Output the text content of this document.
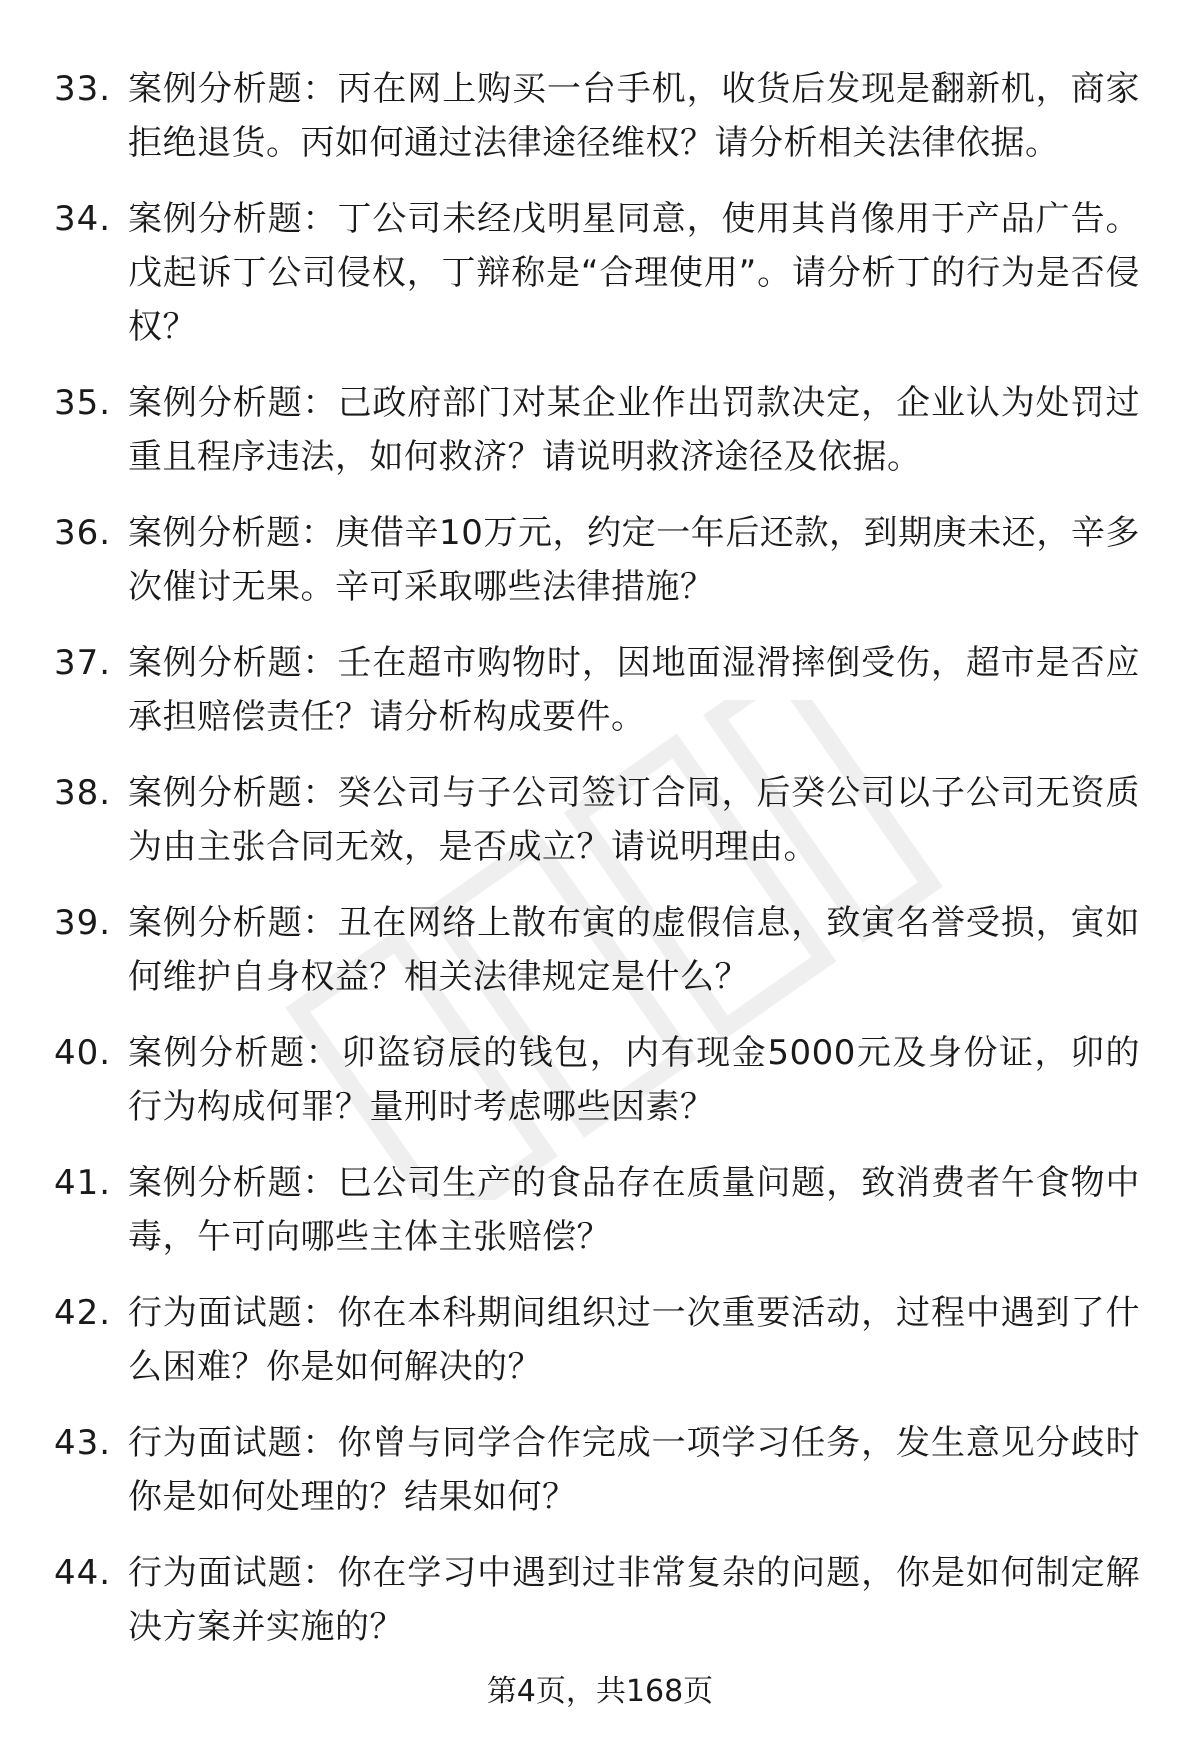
33. 案例分析题：丙在网上购买一台手机，收货后发现是翻新机，商家拒绝退货。丙如何通过法律途径维权？请分析相关法律依据。
34. 案例分析题：丁公司未经戊明星同意，使用其肖像用于产品广告。戊起诉丁公司侵权，丁辩称是“合理使用”。请分析丁的行为是否侵权？
35. 案例分析题：己政府部门对某企业作出罚款决定，企业认为处罚过重且程序违法，如何救济？请说明救济途径及依据。
36. 案例分析题：庚借辛10万元，约定一年后还款，到期庚未还，辛多次催讨无果。辛可采取哪些法律措施？
37. 案例分析题：壬在超市购物时，因地面湿滑摔倒受伤，超市是否应承担赔偿责任？请分析构成要件。
38. 案例分析题：癸公司与子公司签订合同，后癸公司以子公司无资质为由主张合同无效，是否成立？请说明理由。
39. 案例分析题：丑在网络上散布寅的虚假信息，致寅名誉受损，寅如何维护自身权益？相关法律规定是什么？
40. 案例分析题：卯盗窃辰的钱包，内有现金5000元及身份证，卯的行为构成何罪？量刑时考虑哪些因素？
41. 案例分析题：巳公司生产的食品存在质量问题，致消费者午食物中毒，午可向哪些主体主张赔偿？
42. 行为面试题：你在本科期间组织过一次重要活动，过程中遇到了什么困难？你是如何解决的？
43. 行为面试题：你曾与同学合作完成一项学习任务，发生意见分歧时你是如何处理的？结果如何？
44. 行为面试题：你在学习中遇到过非常复杂的问题，你是如何制定解决方案并实施的？
第4页，共168页
